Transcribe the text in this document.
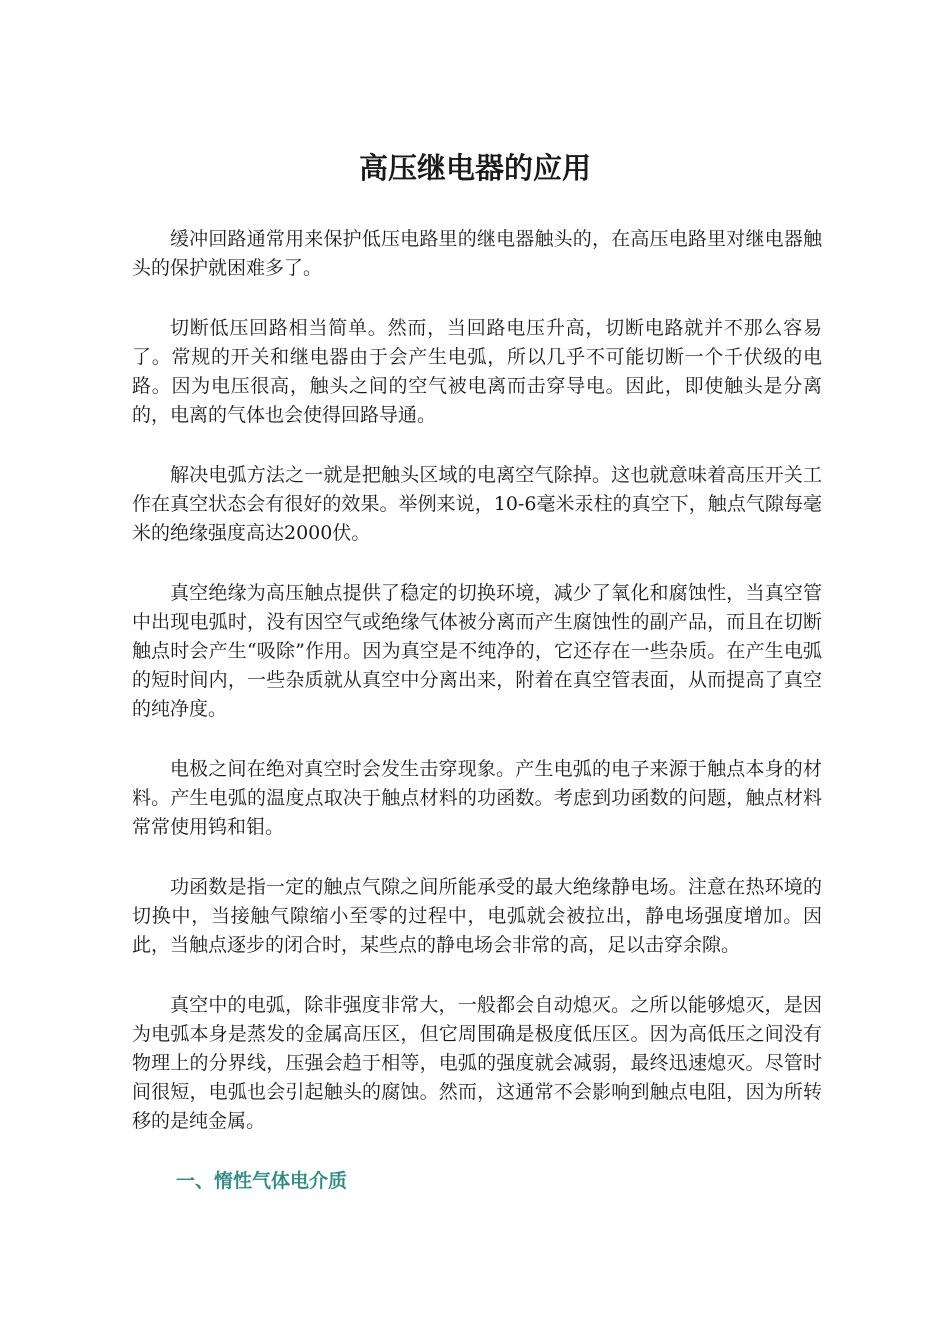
高压继电器的应用

缓冲回路通常用来保护低压电路里的继电器触头的，在高压电路里对继电器触头的保护就困难多了。

切断低压回路相当简单。然而，当回路电压升高，切断电路就并不那么容易了。常规的开关和继电器由于会产生电弧，所以几乎不可能切断一个千伏级的电路。因为电压很高，触头之间的空气被电离而击穿导电。因此，即使触头是分离的，电离的气体也会使得回路导通。

解决电弧方法之一就是把触头区域的电离空气除掉。这也就意味着高压开关工作在真空状态会有很好的效果。举例来说，10-6毫米汞柱的真空下，触点气隙每毫米的绝缘强度高达2000伏。

真空绝缘为高压触点提供了稳定的切换环境，减少了氧化和腐蚀性，当真空管中出现电弧时，没有因空气或绝缘气体被分离而产生腐蚀性的副产品，而且在切断触点时会产生“吸除”作用。因为真空是不纯净的，它还存在一些杂质。在产生电弧的短时间内，一些杂质就从真空中分离出来，附着在真空管表面，从而提高了真空的纯净度。

电极之间在绝对真空时会发生击穿现象。产生电弧的电子来源于触点本身的材料。产生电弧的温度点取决于触点材料的功函数。考虑到功函数的问题，触点材料常常使用钨和钼。

功函数是指一定的触点气隙之间所能承受的最大绝缘静电场。注意在热环境的切换中，当接触气隙缩小至零的过程中，电弧就会被拉出，静电场强度增加。因此，当触点逐步的闭合时，某些点的静电场会非常的高，足以击穿余隙。

真空中的电弧，除非强度非常大，一般都会自动熄灭。之所以能够熄灭，是因为电弧本身是蒸发的金属高压区，但它周围确是极度低压区。因为高低压之间没有物理上的分界线，压强会趋于相等，电弧的强度就会减弱，最终迅速熄灭。尽管时间很短，电弧也会引起触头的腐蚀。然而，这通常不会影响到触点电阻，因为所转移的是纯金属。

一、惰性气体电介质
